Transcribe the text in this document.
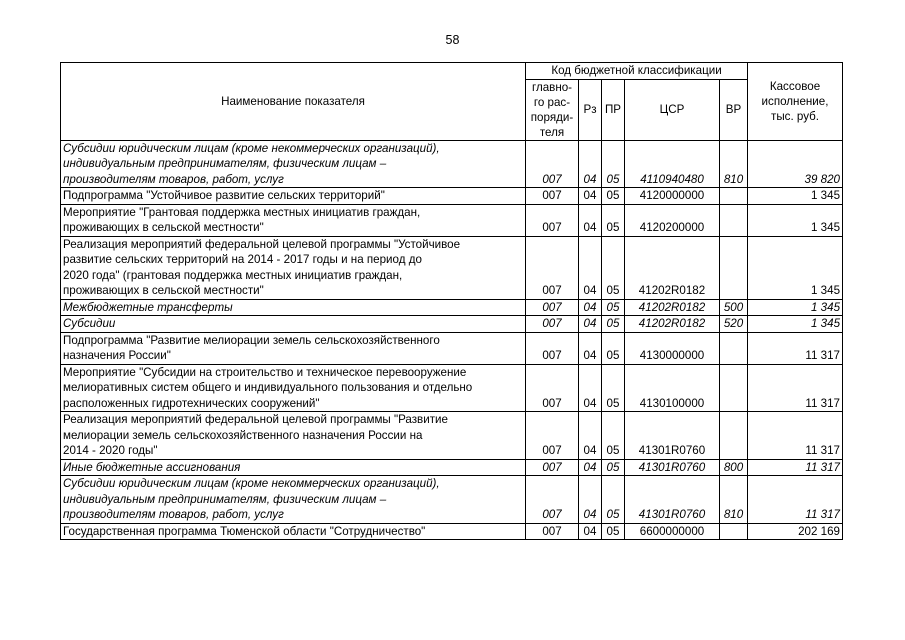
58
Наименование показателя	Код бюджетной классификации					Кассовое
исполнение,
тыс. руб.

	главно-
го рас-
поряди-
теля	Рз	ПР	ЦСР	ВР	

Субсидии юридическим лицам (кроме некоммерческих организаций),
индивидуальным предпринимателям, физическим лицам –
производителям товаров, работ, услуг	007	04	05	4110940480	810	39 820

Подпрограмма "Устойчивое развитие сельских территорий"	007	04	05	4120000000		1 345

Мероприятие "Грантовая поддержка местных инициатив граждан,
проживающих в сельской местности"	007	04	05	4120200000		1 345

Реализация мероприятий федеральной целевой программы "Устойчивое
развитие сельских территорий на 2014 - 2017 годы и на период до
2020 года" (грантовая поддержка местных инициатив граждан,
проживающих в сельской местности"	007	04	05	41202R0182		1 345

Межбюджетные трансферты	007	04	05	41202R0182	500	1 345

Субсидии	007	04	05	41202R0182	520	1 345

Подпрограмма "Развитие мелиорации земель сельскохозяйственного
назначения России"	007	04	05	4130000000		11 317

Мероприятие "Субсидии на строительство и техническое перевооружение
мелиоративных систем общего и индивидуального пользования и отдельно
расположенных гидротехнических сооружений"	007	04	05	4130100000		11 317

Реализация мероприятий федеральной целевой программы "Развитие
мелиорации земель сельскохозяйственного назначения России на
2014 - 2020 годы"	007	04	05	41301R0760		11 317

Иные бюджетные ассигнования	007	04	05	41301R0760	800	11 317

Субсидии юридическим лицам (кроме некоммерческих организаций),
индивидуальным предпринимателям, физическим лицам –
производителям товаров, работ, услуг	007	04	05	41301R0760	810	11 317

Государственная программа Тюменской области "Сотрудничество"	007	04	05	6600000000		202 169
